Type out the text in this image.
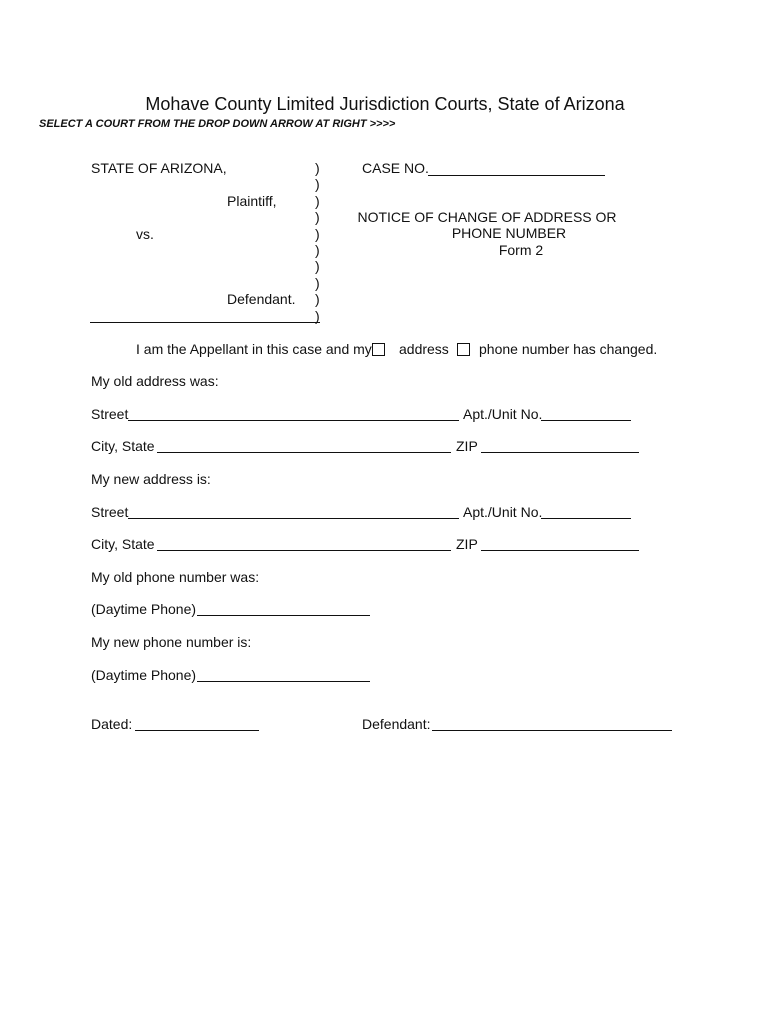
Mohave County Limited Jurisdiction Courts, State of Arizona
SELECT A COURT FROM THE DROP DOWN ARROW AT RIGHT >>>>
STATE OF ARIZONA,
Plaintiff,
vs.
Defendant.
)
)
)
)
)
)
)
)
)
)
CASE NO.
NOTICE OF CHANGE OF ADDRESS OR
PHONE NUMBER
Form 2
I am the Appellant in this case and my address phone number has changed.
My old address was:
Street	Apt./Unit No.
City, State	ZIP
My new address is:
Street	Apt./Unit No.
City, State	ZIP
My old phone number was:
(Daytime Phone)
My new phone number is:
(Daytime Phone)
Dated:	Defendant:
